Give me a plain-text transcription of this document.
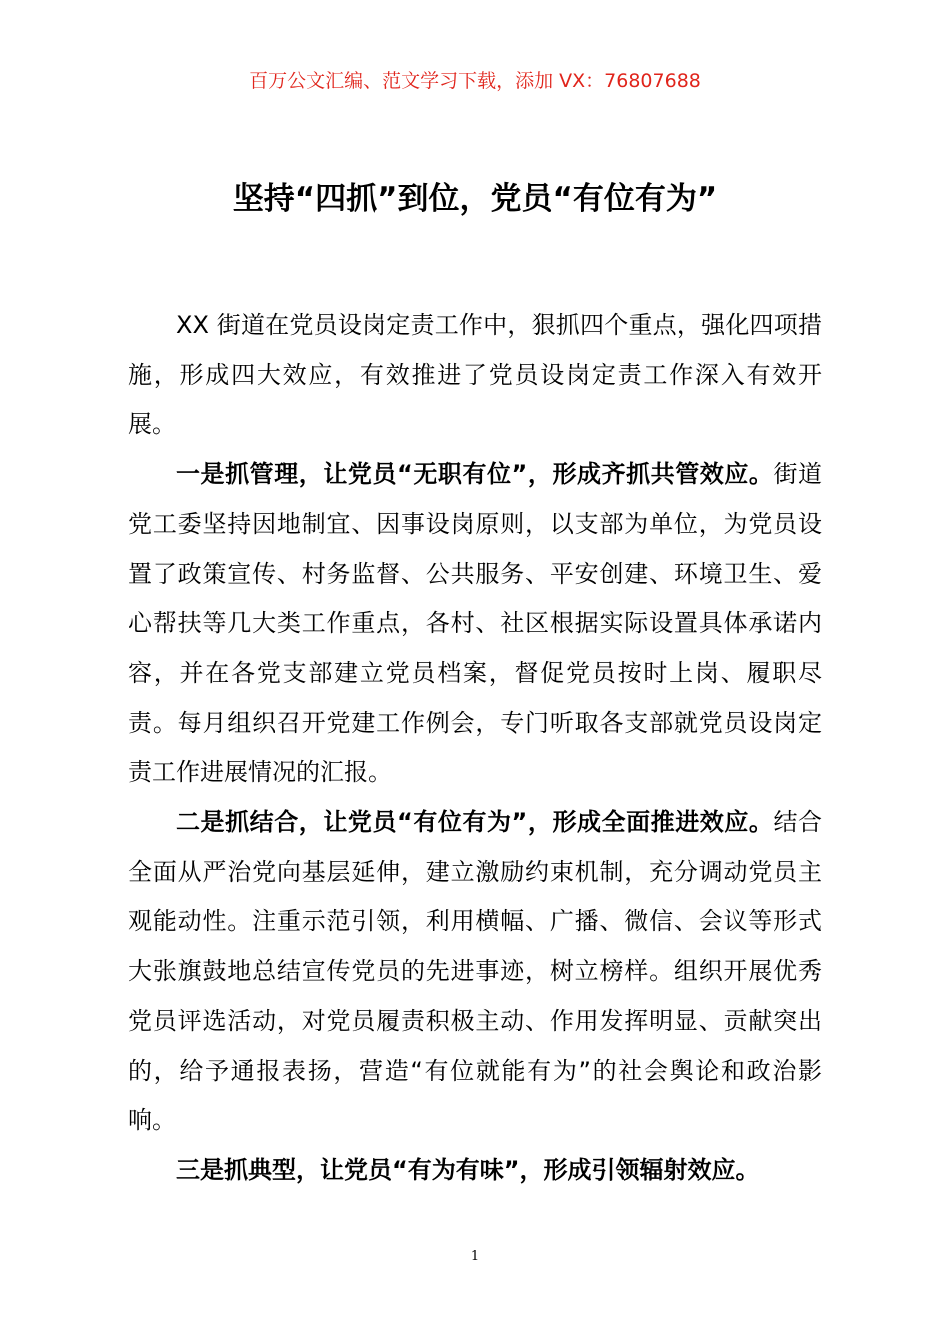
百万公文汇编、范文学习下载，添加 VX：76807688
坚持“四抓”到位，党员“有位有为”

XX 街道在党员设岗定责工作中，狠抓四个重点，强化四项措施，形成四大效应，有效推进了党员设岗定责工作深入有效开展。

一是抓管理，让党员“无职有位”，形成齐抓共管效应。街道党工委坚持因地制宜、因事设岗原则，以支部为单位，为党员设置了政策宣传、村务监督、公共服务、平安创建、环境卫生、爱心帮扶等几大类工作重点，各村、社区根据实际设置具体承诺内容，并在各党支部建立党员档案，督促党员按时上岗、履职尽责。每月组织召开党建工作例会，专门听取各支部就党员设岗定责工作进展情况的汇报。

二是抓结合，让党员“有位有为”，形成全面推进效应。结合全面从严治党向基层延伸，建立激励约束机制，充分调动党员主观能动性。注重示范引领，利用横幅、广播、微信、会议等形式大张旗鼓地总结宣传党员的先进事迹，树立榜样。组织开展优秀党员评选活动，对党员履责积极主动、作用发挥明显、贡献突出的，给予通报表扬，营造“有位就能有为”的社会舆论和政治影响。

三是抓典型，让党员“有为有味”，形成引领辐射效应。

1
